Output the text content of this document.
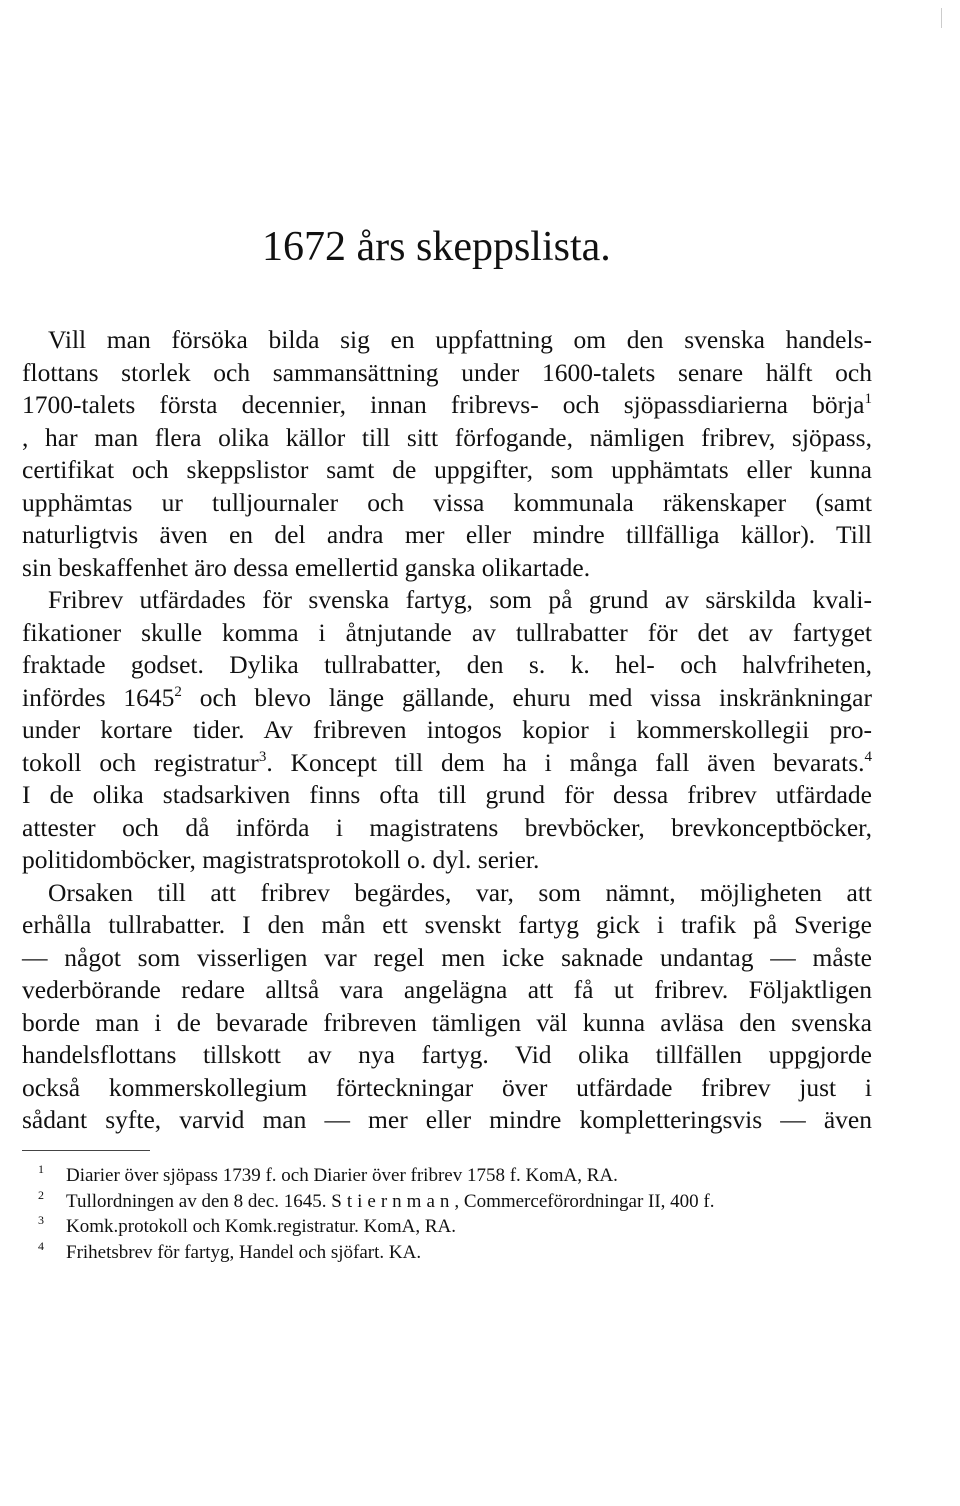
1672 års skeppslista.
Vill man försöka bilda sig en uppfattning om den svenska handels-
flottans storlek och sammansättning under 1600-talets senare hälft och
1700-talets första decennier, innan fribrevs- och sjöpassdiarierna börja$^1$
, har man flera olika källor till sitt förfogande, nämligen fribrev, sjöpass,
certifikat och skeppslistor samt de uppgifter, som upphämtats eller kunna
upphämtas ur tulljournaler och vissa kommunala räkenskaper (samt
naturligtvis även en del andra mer eller mindre tillfälliga källor). Till
sin beskaffenhet äro dessa emellertid ganska olikartade.
Fribrev utfärdades för svenska fartyg, som på grund av särskilda kvali-
fikationer skulle komma i åtnjutande av tullrabatter för det av fartyget
fraktade godset. Dylika tullrabatter, den s. k. hel- och halvfriheten,
infördes 1645$^2$ och blevo länge gällande, ehuru med vissa inskränkningar
under kortare tider. Av fribreven intogos kopior i kommerskollegii pro-
tokoll och registratur$^3$. Koncept till dem ha i många fall även bevarats.$^4$
I de olika stadsarkiven finns ofta till grund för dessa fribrev utfärdade
attester och då införda i magistratens brevböcker, brevkonceptböcker,
politidomböcker, magistratsprotokoll o. dyl. serier.
Orsaken till att fribrev begärdes, var, som nämnt, möjligheten att
erhålla tullrabatter. I den mån ett svenskt fartyg gick i trafik på Sverige
— något som visserligen var regel men icke saknade undantag — måste
vederbörande redare alltså vara angelägna att få ut fribrev. Följaktligen
borde man i de bevarade fribreven tämligen väl kunna avläsa den svenska
handelsflottans tillskott av nya fartyg. Vid olika tillfällen uppgjorde
också kommerskollegium förteckningar över utfärdade fribrev just i
sådant syfte, varvid man — mer eller mindre kompletteringsvis — även
1 Diarier över sjöpass 1739 f. och Diarier över fribrev 1758 f. KomA, RA.
2 Tullordningen av den 8 dec. 1645. Stiernman, Commerceförordningar II, 400 f.
3 Komk.protokoll och Komk.registratur. KomA, RA.
4 Frihetsbrev för fartyg, Handel och sjöfart. KA.
